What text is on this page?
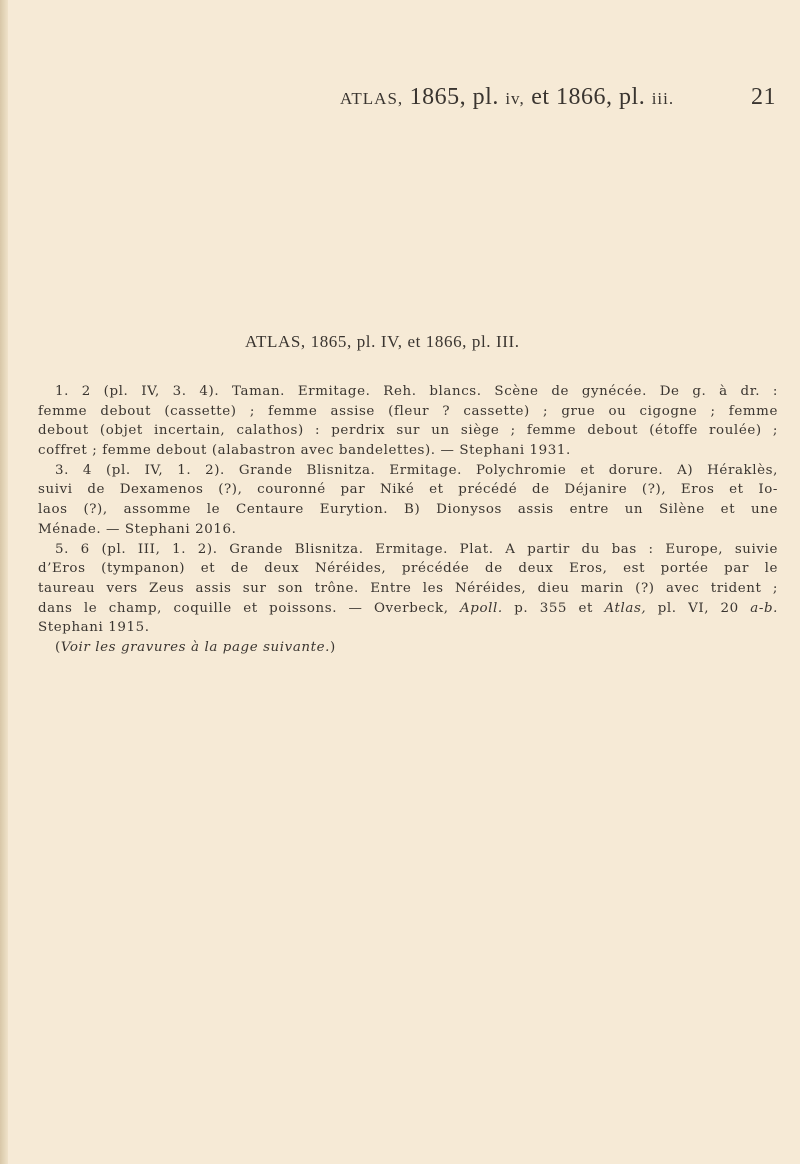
ATLAS, 1865, pl. iv, et 1866, pl. iii.	21
ATLAS, 1865, pl. IV, et 1866, pl. III.
1. 2 (pl. IV, 3. 4). Taman. Ermitage. Reh. blancs. Scène de gynécée. De g. à dr. :
femme debout (cassette) ; femme assise (fleur ? cassette) ; grue ou cigogne ; femme
debout (objet incertain, calathos) : perdrix sur un siège ; femme debout (étoffe roulée) ;
coffret ; femme debout (alabastron avec bandelettes). — Stephani 1931.
3. 4 (pl. IV, 1. 2). Grande Blisnitza. Ermitage. Polychromie et dorure. A) Héraklès,
suivi de Dexamenos (?), couronné par Niké et précédé de Déjanire (?), Eros et Io-
laos (?), assomme le Centaure Eurytion. B) Dionysos assis entre un Silène et une
Ménade. — Stephani 2016.
5. 6 (pl. III, 1. 2). Grande Blisnitza. Ermitage. Plat. A partir du bas : Europe, suivie
d’Eros (tympanon) et de deux Néréides, précédée de deux Eros, est portée par le
taureau vers Zeus assis sur son trône. Entre les Néréides, dieu marin (?) avec trident ;
dans le champ, coquille et poissons. — Overbeck, Apoll. p. 355 et Atlas, pl. VI, 20 a-b.
Stephani 1915.
(Voir les gravures à la page suivante.)
